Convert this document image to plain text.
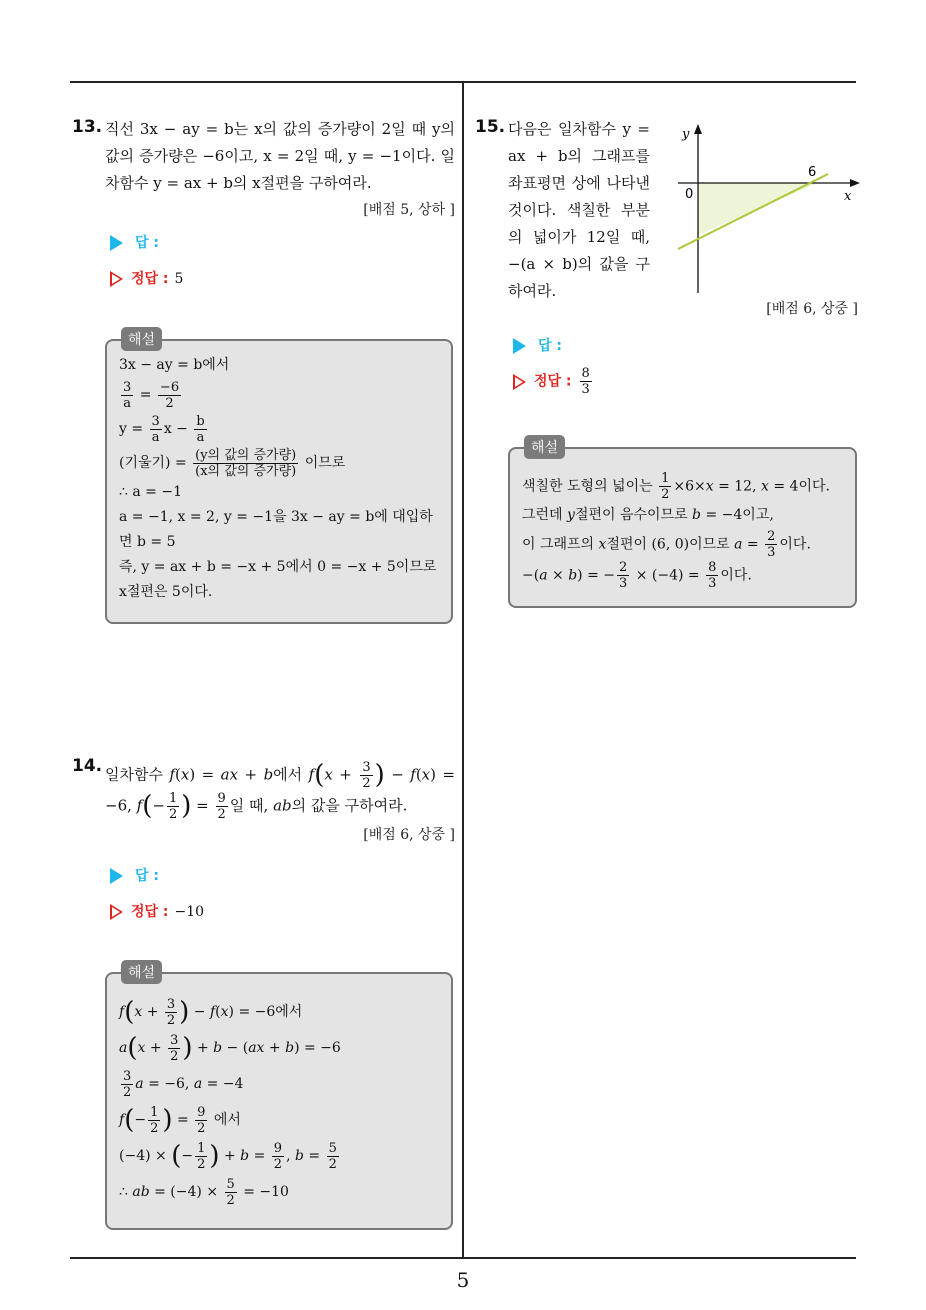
13. 직선 3x − ay = b는 x의 값의 증가량이 2일 때 y의 값의 증가량은 −6이고, x = 2일 때, y = −1이다. 일차함수 y = ax + b의 x절편을 구하여라.
[배점 5, 상하 ]
답 :
정답 : 5
해설
3x − ay = b에서
$\frac{3}{a} = \frac{-6}{2}$
$y = \frac{3}{a}$ $x - \frac{b}{a}$
(기울기) = $\frac{\text{(y의 값의 증가량)}}{\text{(x의 값의 증가량)}}$ 이므로
∴ a = −1
a = −1, x = 2, y = −1을 3x − ay = b에 대입하
면 b = 5
즉, y = ax + b = −x + 5에서 0 = −x + 5이므로
x절편은 5이다.
14. 일차함수 f(x) = ax + b에서 $f(x + \frac{3}{2}$ ) − f(x) = −6, $f(- \frac{1}{2}$ ) = $\frac{9}{2}$ 일 때, ab의 값을 구하여라.
[배점 6, 상중 ]
답 :
정답 : −10
해설
$f(x + \frac{3}{2}$ ) − f(x) = −6에서
$a(x + \frac{3}{2}$ ) + b − (ax + b) = −6
$\frac{3}{2}$ a = −6, a = −4
$f(- \frac{1}{2}$ ) = $\frac{9}{2}$ 에서
(−4) × (− $\frac{1}{2}$ ) + $b = \frac{9}{2}$ , $b = \frac{5}{2}$
∴ ab = $(-4) \times \frac{5}{2} = -10$
15. 다음은 일차함수 y = ax + b의 그래프를 좌표평면 상에 나타낸 것이다. 색칠한 부분의 넓이가 12일 때, −(a × b)의 값을 구하여라.
[배점 6, 상중 ]
y
x
0
6
답 :
정답 : $\frac{8}{3}$
해설
색칠한 도형의 넓이는 $\frac{1}{2} \times 6\times x = 12$, x = 4이다.
그런데 y절편이 음수이므로 b = −4이고,
이 그래프의 x절편이 (6, 0)이므로 $a = \frac{2}{3}$ 이다.
−(a × b) = − $\frac{2}{3} \times (-4) = \frac{8}{3}$ 이다.
5
